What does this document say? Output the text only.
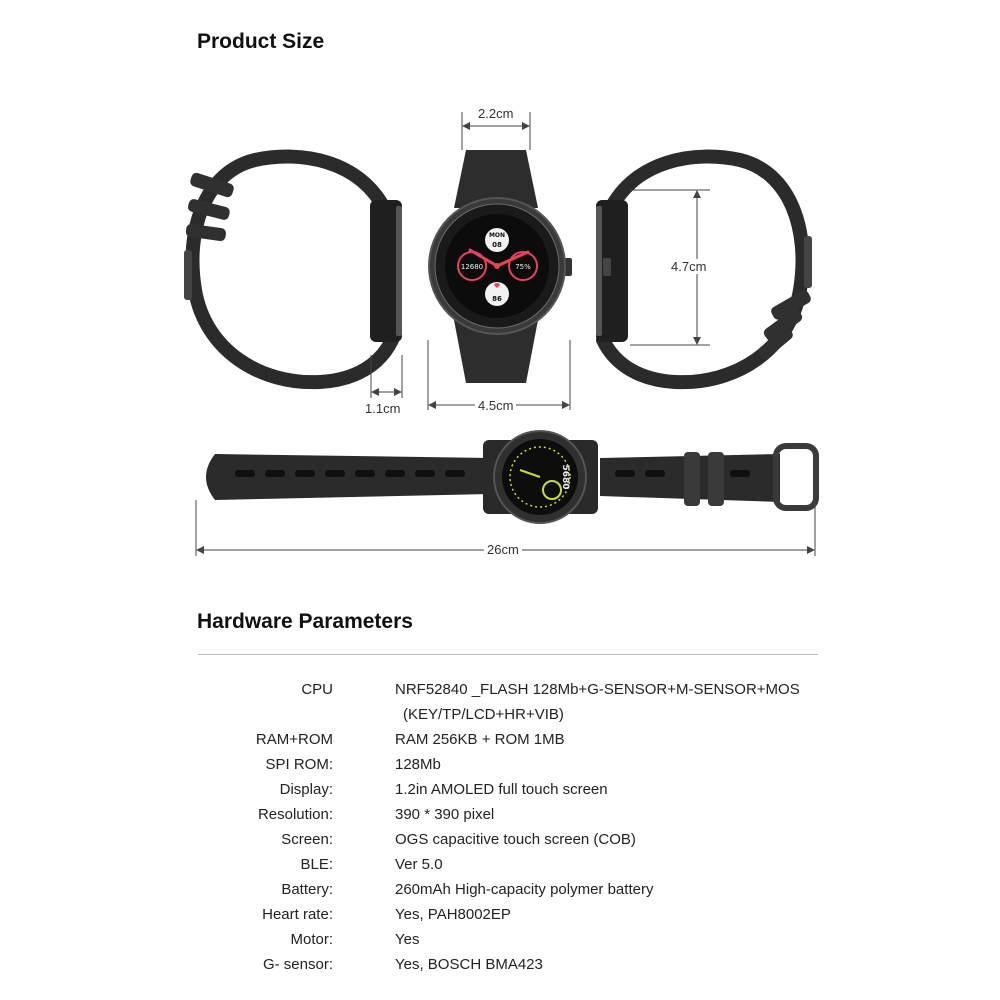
Product Size
MON
08
12680	75%
86
5680
2.2cm
4.7cm
1.1cm	4.5cm
26cm
Hardware Parameters
CPU	NRF52840 _FLASH 128Mb+G-SENSOR+M-SENSOR+MOS
(KEY/TP/LCD+HR+VIB)
RAM+ROM	RAM 256KB + ROM 1MB
SPI ROM:	128Mb
Display:	1.2in AMOLED full touch screen
Resolution:	390 * 390 pixel
Screen:	OGS capacitive touch screen (COB)
BLE:	Ver 5.0
Battery:	260mAh High-capacity polymer battery
Heart rate:	Yes, PAH8002EP
Motor:	Yes
G- sensor:	Yes, BOSCH BMA423
